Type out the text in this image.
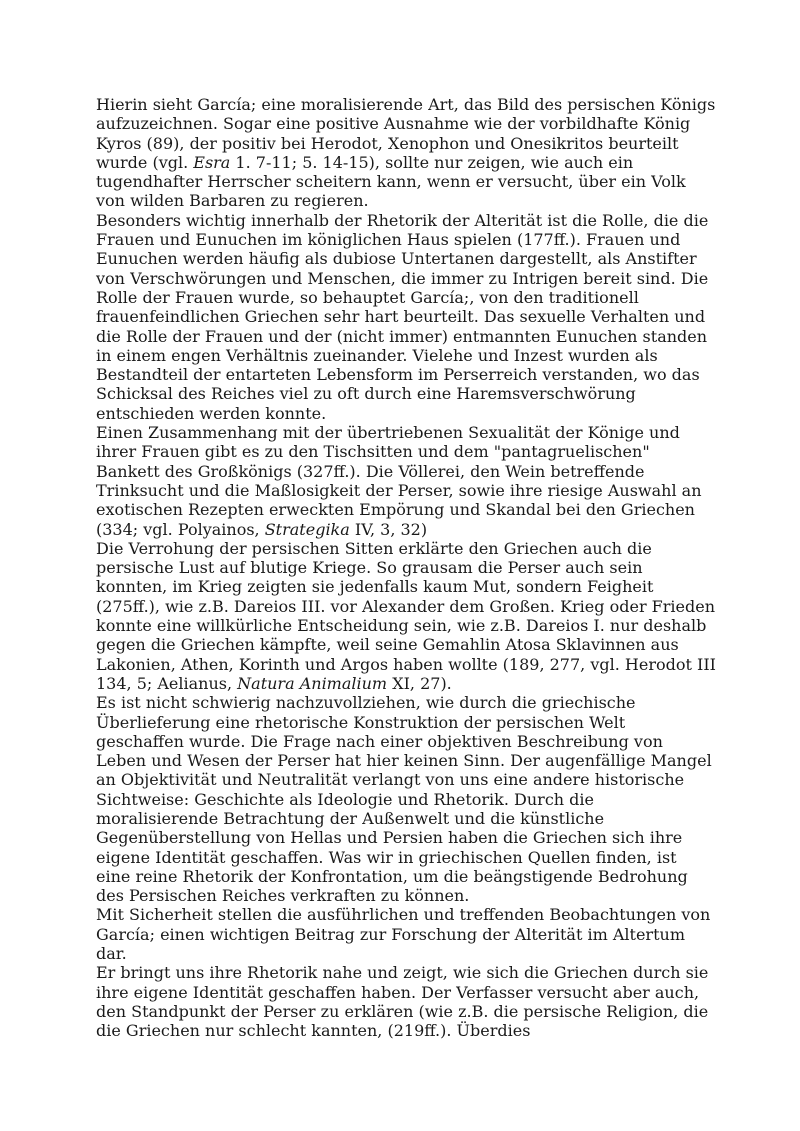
Hierin sieht García; eine moralisierende Art, das Bild des persischen Königs aufzuzeichnen. Sogar eine positive Ausnahme wie der vorbildhafte König Kyros (89), der positiv bei Herodot, Xenophon und Onesikritos beurteilt wurde (vgl. Esra 1. 7-11; 5. 14-15), sollte nur zeigen, wie auch ein tugendhafter Herrscher scheitern kann, wenn er versucht, über ein Volk von wilden Barbaren zu regieren.

Besonders wichtig innerhalb der Rhetorik der Alterität ist die Rolle, die die Frauen und Eunuchen im königlichen Haus spielen (177ff.). Frauen und Eunuchen werden häufig als dubiose Untertanen dargestellt, als Anstifter von Verschwörungen und Menschen, die immer zu Intrigen bereit sind. Die Rolle der Frauen wurde, so behauptet García;, von den traditionell frauenfeindlichen Griechen sehr hart beurteilt. Das sexuelle Verhalten und die Rolle der Frauen und der (nicht immer) entmannten Eunuchen standen in einem engen Verhältnis zueinander. Vielehe und Inzest wurden als Bestandteil der entarteten Lebensform im Perserreich verstanden, wo das Schicksal des Reiches viel zu oft durch eine Haremsverschwörung entschieden werden konnte.

Einen Zusammenhang mit der übertriebenen Sexualität der Könige und ihrer Frauen gibt es zu den Tischsitten und dem "pantagruelischen" Bankett des Großkönigs (327ff.). Die Völlerei, den Wein betreffende Trinksucht und die Maßlosigkeit der Perser, sowie ihre riesige Auswahl an exotischen Rezepten erweckten Empörung und Skandal bei den Griechen (334; vgl. Polyainos, Strategika IV, 3, 32)

Die Verrohung der persischen Sitten erklärte den Griechen auch die persische Lust auf blutige Kriege. So grausam die Perser auch sein konnten, im Krieg zeigten sie jedenfalls kaum Mut, sondern Feigheit (275ff.), wie z.B. Dareios III. vor Alexander dem Großen. Krieg oder Frieden konnte eine willkürliche Entscheidung sein, wie z.B. Dareios I. nur deshalb gegen die Griechen kämpfte, weil seine Gemahlin Atosa Sklavinnen aus Lakonien, Athen, Korinth und Argos haben wollte (189, 277, vgl. Herodot III 134, 5; Aelianus, Natura Animalium XI, 27).

Es ist nicht schwierig nachzuvollziehen, wie durch die griechische Überlieferung eine rhetorische Konstruktion der persischen Welt geschaffen wurde. Die Frage nach einer objektiven Beschreibung von Leben und Wesen der Perser hat hier keinen Sinn. Der augenfällige Mangel an Objektivität und Neutralität verlangt von uns eine andere historische Sichtweise: Geschichte als Ideologie und Rhetorik. Durch die moralisierende Betrachtung der Außenwelt und die künstliche Gegenüberstellung von Hellas und Persien haben die Griechen sich ihre eigene Identität geschaffen. Was wir in griechischen Quellen finden, ist eine reine Rhetorik der Konfrontation, um die beängstigende Bedrohung des Persischen Reiches verkraften zu können.

Mit Sicherheit stellen die ausführlichen und treffenden Beobachtungen von García; einen wichtigen Beitrag zur Forschung der Alterität im Altertum dar.

Er bringt uns ihre Rhetorik nahe und zeigt, wie sich die Griechen durch sie ihre eigene Identität geschaffen haben. Der Verfasser versucht aber auch, den Standpunkt der Perser zu erklären (wie z.B. die persische Religion, die die Griechen nur schlecht kannten, (219ff.). Überdies
